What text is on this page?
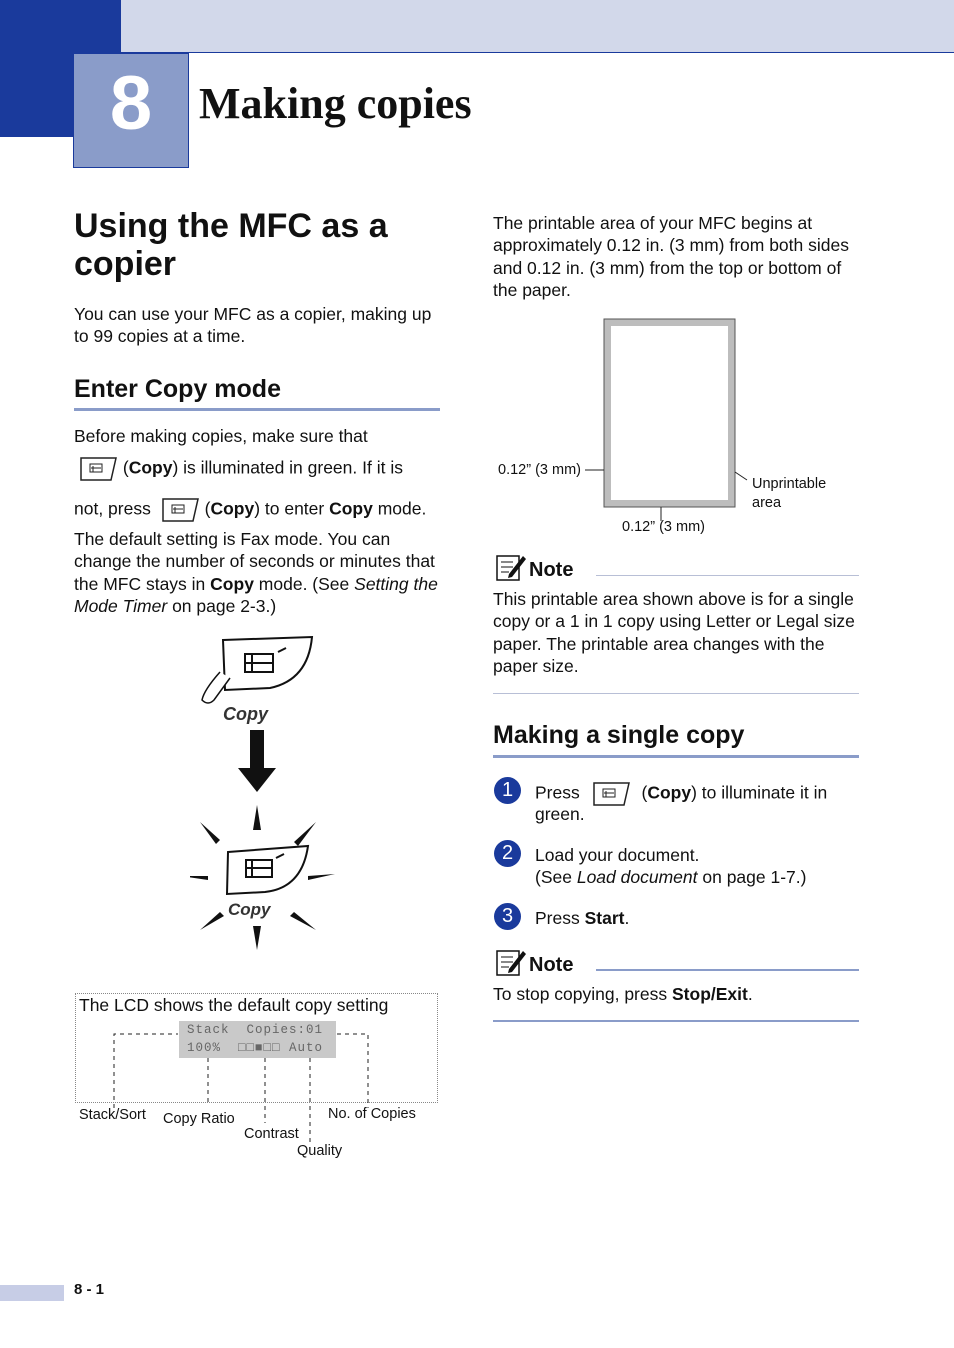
8	Making copies
Using the MFC as a copier
You can use your MFC as a copier, making up to 99 copies at a time.
Enter Copy mode
Before making copies, make sure that
(Copy) is illuminated in green. If it is
not, press	(Copy) to enter Copy mode.
The default setting is Fax mode. You can change the number of seconds or minutes that the MFC stays in Copy mode. (See Setting the Mode Timer on page 2-3.)
Copy
Copy
The LCD shows the default copy setting
Stack  Copies:01
100%  □□■□□ Auto
Stack/Sort Copy Ratio
Contrast
Quality
No. of Copies
The printable area of your MFC begins at approximately 0.12 in. (3 mm) from both sides and 0.12 in. (3 mm) from the top or bottom of the paper.
0.12” (3 mm)
0.12” (3 mm)
Unprintable
area
Note
This printable area shown above is for a single copy or a 1 in 1 copy using Letter or Legal size paper. The printable area changes with the paper size.
Making a single copy
1	Press	(Copy) to illuminate it in
green.
2	Load your document.
(See Load document on page 1-7.)
3	Press Start.
Note
To stop copying, press Stop/Exit.
8 - 1
